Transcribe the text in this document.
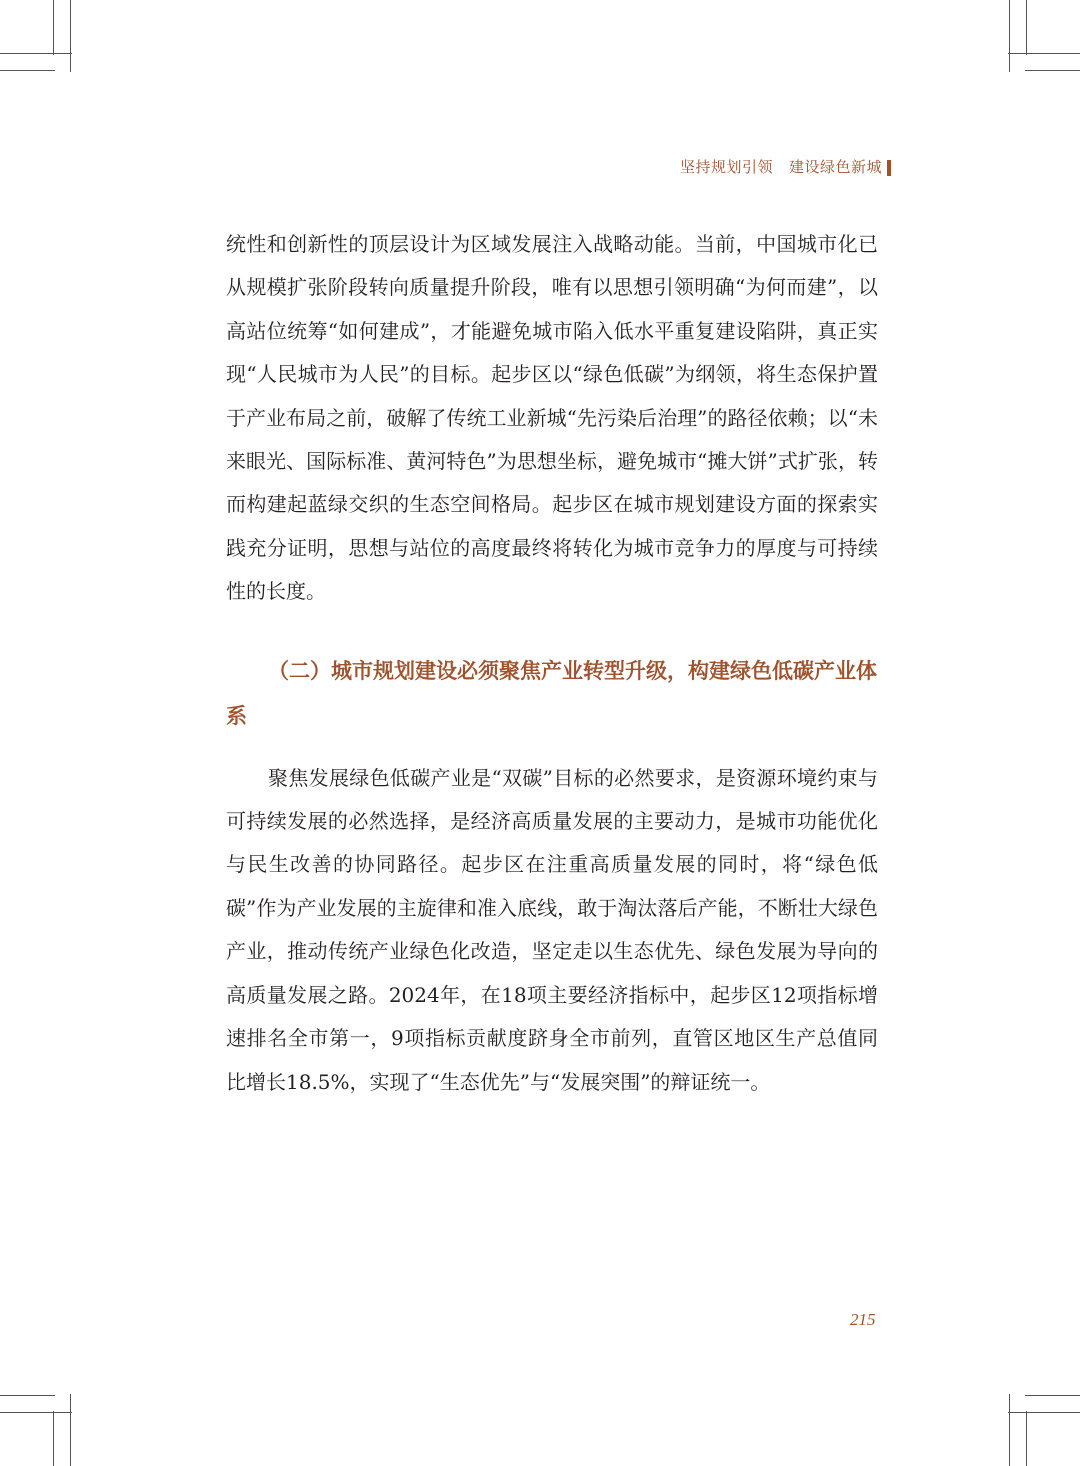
坚持规划引领 建设绿色新城

统性和创新性的顶层设计为区域发展注入战略动能。当前，中国城市化已从规模扩张阶段转向质量提升阶段，唯有以思想引领明确“为何而建”，以高站位统筹“如何建成”，才能避免城市陷入低水平重复建设陷阱，真正实现“人民城市为人民”的目标。起步区以“绿色低碳”为纲领，将生态保护置于产业布局之前，破解了传统工业新城“先污染后治理”的路径依赖；以“未来眼光、国际标准、黄河特色”为思想坐标，避免城市“摊大饼”式扩张，转而构建起蓝绿交织的生态空间格局。起步区在城市规划建设方面的探索实践充分证明，思想与站位的高度最终将转化为城市竞争力的厚度与可持续性的长度。

（二）城市规划建设必须聚焦产业转型升级，构建绿色低碳产业体系

聚焦发展绿色低碳产业是“双碳”目标的必然要求，是资源环境约束与可持续发展的必然选择，是经济高质量发展的主要动力，是城市功能优化与民生改善的协同路径。起步区在注重高质量发展的同时，将“绿色低碳”作为产业发展的主旋律和准入底线，敢于淘汰落后产能，不断壮大绿色产业，推动传统产业绿色化改造，坚定走以生态优先、绿色发展为导向的高质量发展之路。2024年，在18项主要经济指标中，起步区12项指标增速排名全市第一，9项指标贡献度跻身全市前列，直管区地区生产总值同比增长18.5%，实现了“生态优先”与“发展突围”的辩证统一。

215
